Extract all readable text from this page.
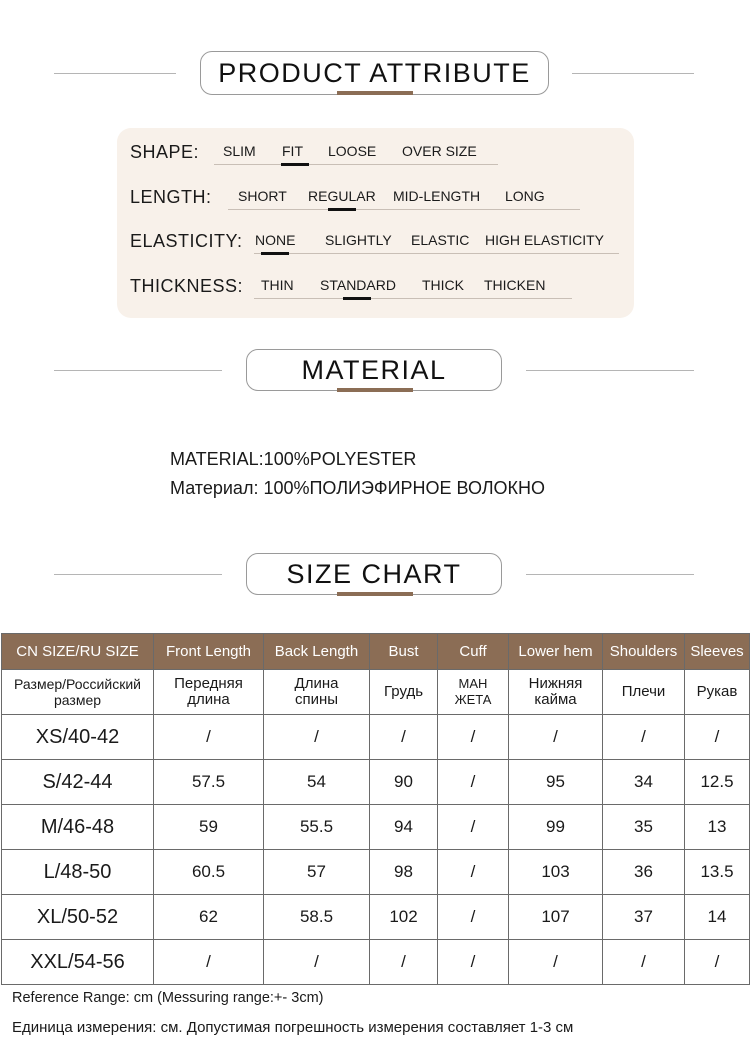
PRODUCT ATTRIBUTE
SHAPE: SLIM FIT LOOSE OVER SIZE
LENGTH: SHORT REGULAR MID-LENGTH LONG
ELASTICITY: NONE SLIGHTLY ELASTIC HIGH ELASTICITY
THICKNESS: THIN STANDARD THICK THICKEN
MATERIAL
MATERIAL:100%POLYESTER
Материал: 100%ПОЛИЭФИРНОЕ ВОЛОКНО
SIZE CHART
CN SIZE/RU SIZE	Front Length	Back Length	Bust	Cuff	Lower hem	Shoulders	Sleeves
Размер/Российский размер	Передняя длина	Длина спины	Грудь	МАН ЖЕТА	Нижняя кайма	Плечи	Рукав
XS/40-42	/	/	/	/	/	/	/
S/42-44	57.5	54	90	/	95	34	12.5
M/46-48	59	55.5	94	/	99	35	13
L/48-50	60.5	57	98	/	103	36	13.5
XL/50-52	62	58.5	102	/	107	37	14
XXL/54-56	/	/	/	/	/	/	/
Reference Range: cm (Messuring range:+- 3cm)
Единица измерения: см. Допустимая погрешность измерения составляет 1-3 см
